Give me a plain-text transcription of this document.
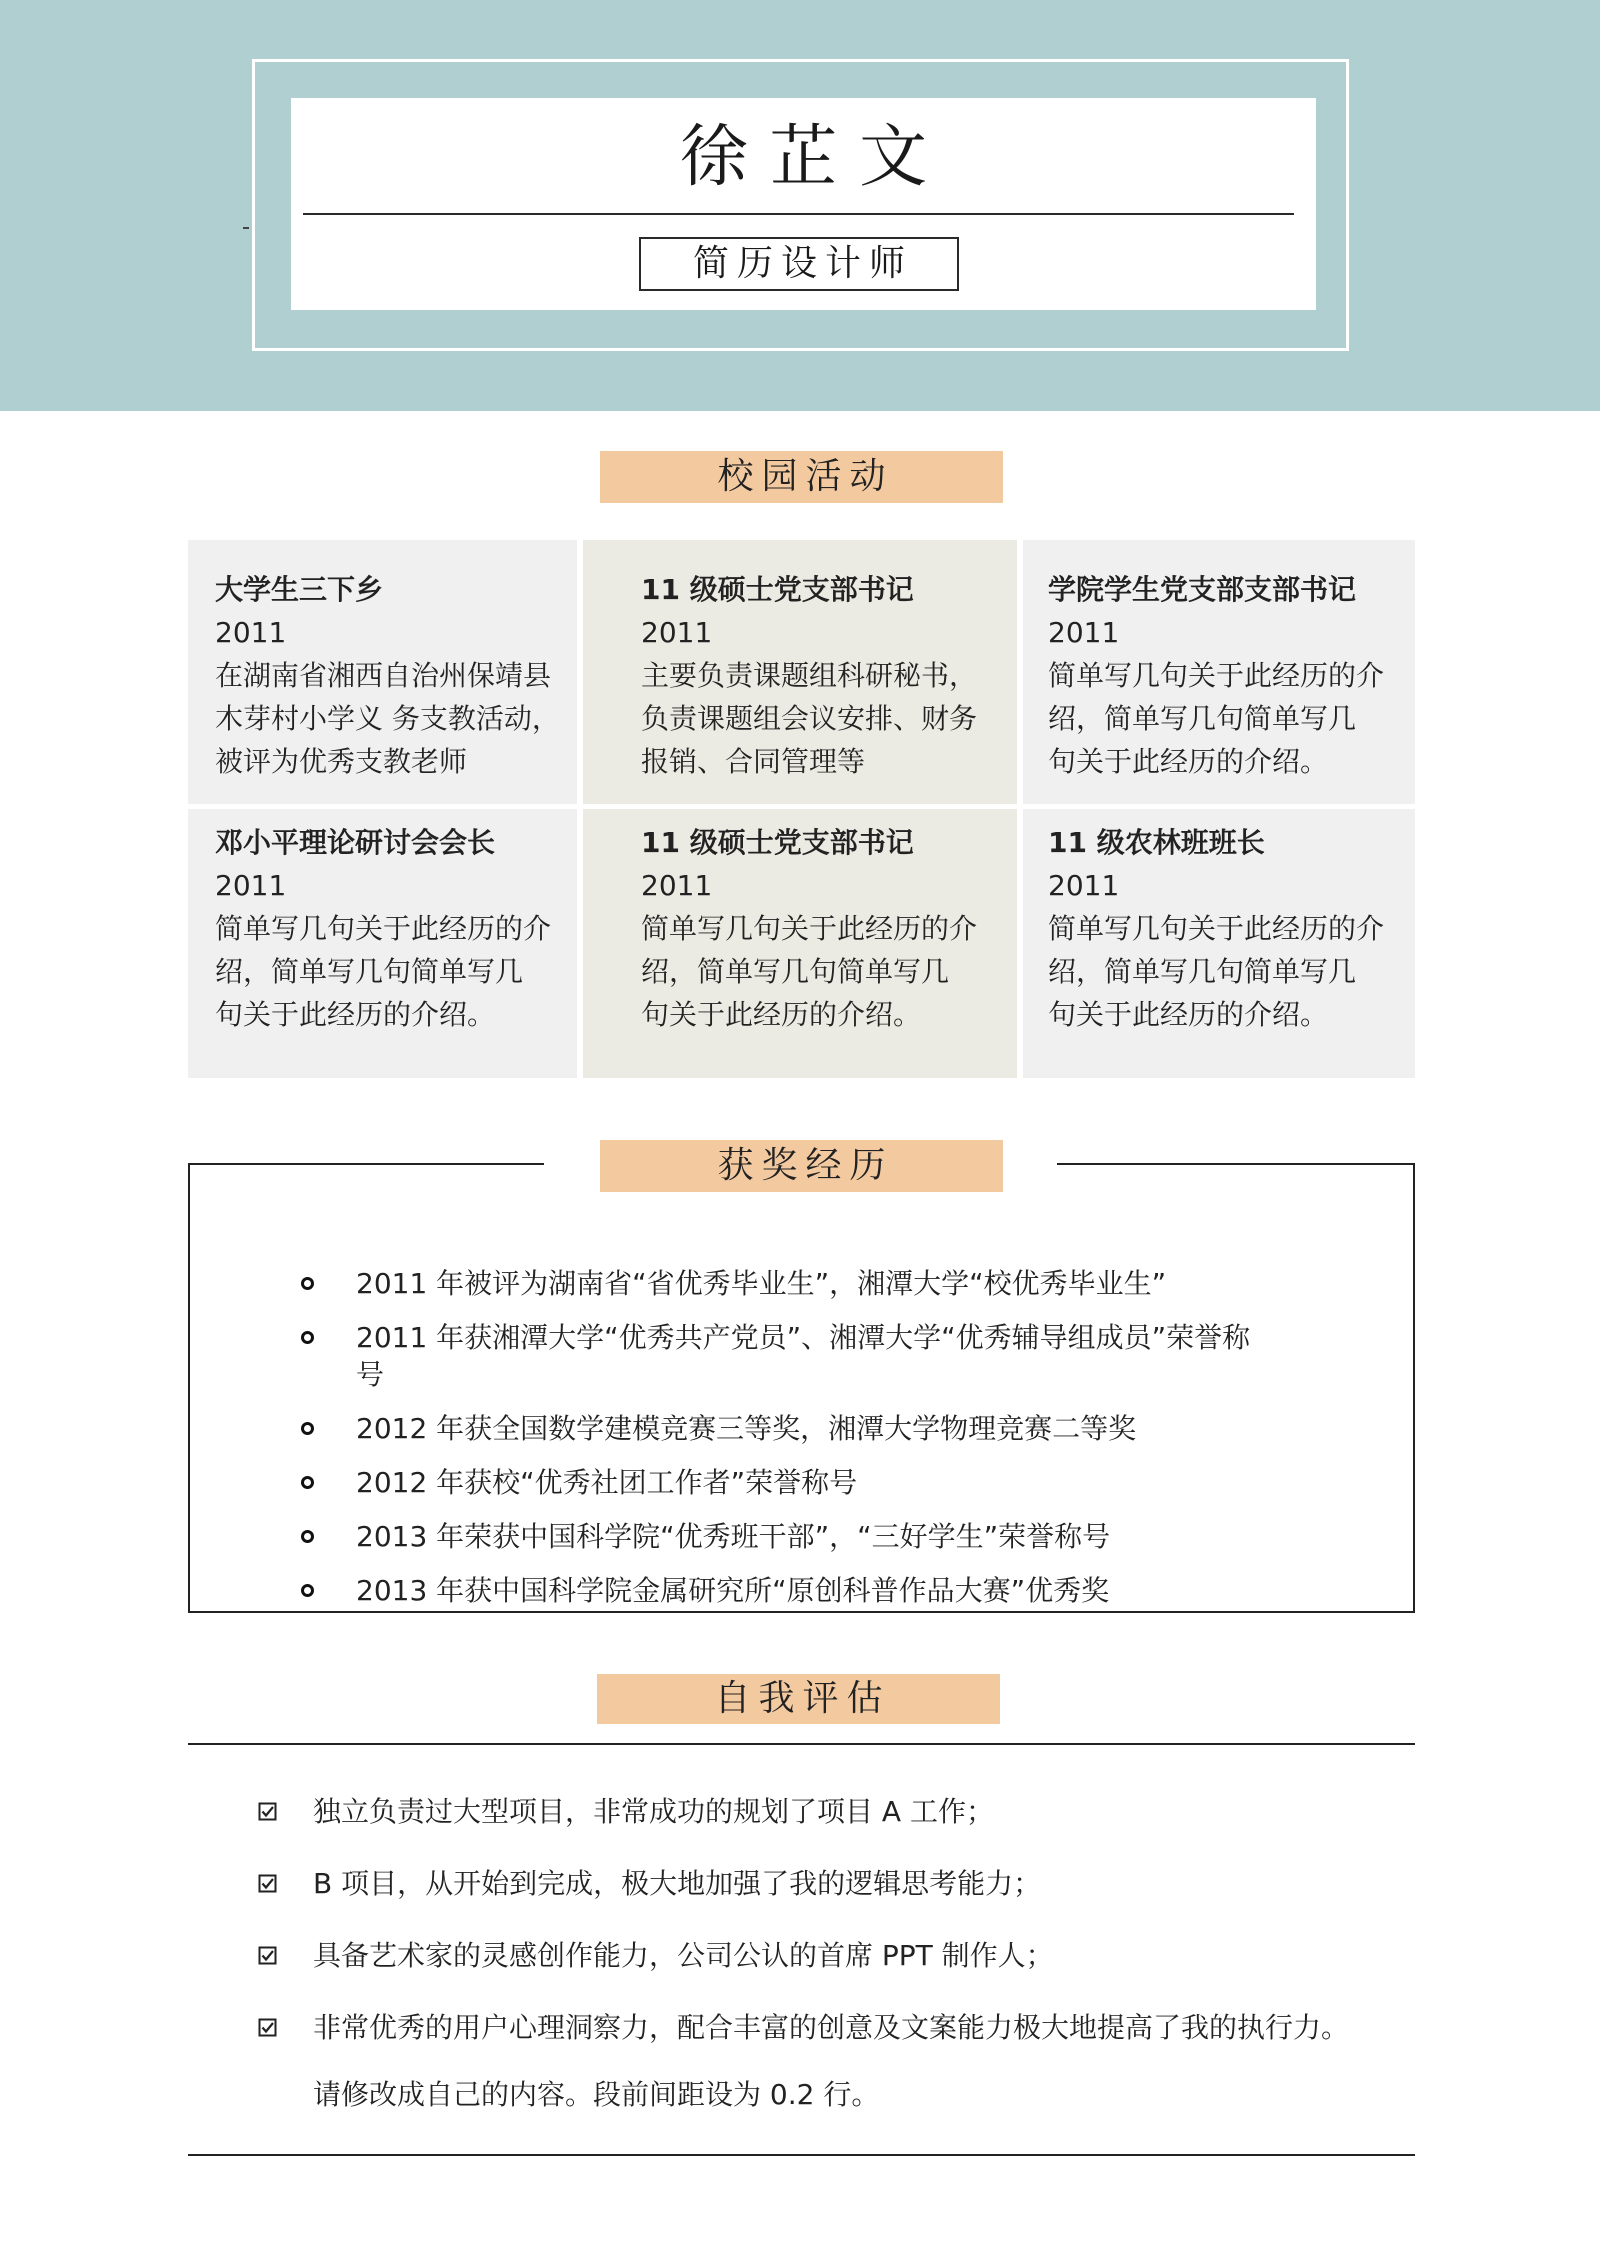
徐 芷 文
简历设计师
校园活动
大学生三下乡
2011
在湖南省湘西自治州保靖县
木芽村小学义 务支教活动，
被评为优秀支教老师
11 级硕士党支部书记
2011
主要负责课题组科研秘书，
负责课题组会议安排、财务
报销、合同管理等
学院学生党支部支部书记
2011
简单写几句关于此经历的介
绍，简单写几句简单写几
句关于此经历的介绍。
邓小平理论研讨会会长
2011
简单写几句关于此经历的介
绍，简单写几句简单写几
句关于此经历的介绍。
11 级硕士党支部书记
2011
简单写几句关于此经历的介
绍，简单写几句简单写几
句关于此经历的介绍。
11 级农林班班长
2011
简单写几句关于此经历的介
绍，简单写几句简单写几
句关于此经历的介绍。
2011 年被评为湖南省“省优秀毕业生”，湘潭大学“校优秀毕业生”
2011 年获湘潭大学“优秀共产党员”、湘潭大学“优秀辅导组成员”荣誉称号
2012 年获全国数学建模竞赛三等奖，湘潭大学物理竞赛二等奖
2012 年获校“优秀社团工作者”荣誉称号
2013 年荣获中国科学院“优秀班干部”，“三好学生”荣誉称号
2013 年获中国科学院金属研究所“原创科普作品大赛”优秀奖
获奖经历
自我评估
独立负责过大型项目，非常成功的规划了项目 A 工作；
B 项目，从开始到完成，极大地加强了我的逻辑思考能力；
具备艺术家的灵感创作能力，公司公认的首席 PPT 制作人；
非常优秀的用户心理洞察力，配合丰富的创意及文案能力极大地提高了我的执行力。
请修改成自己的内容。段前间距设为 0.2 行。
